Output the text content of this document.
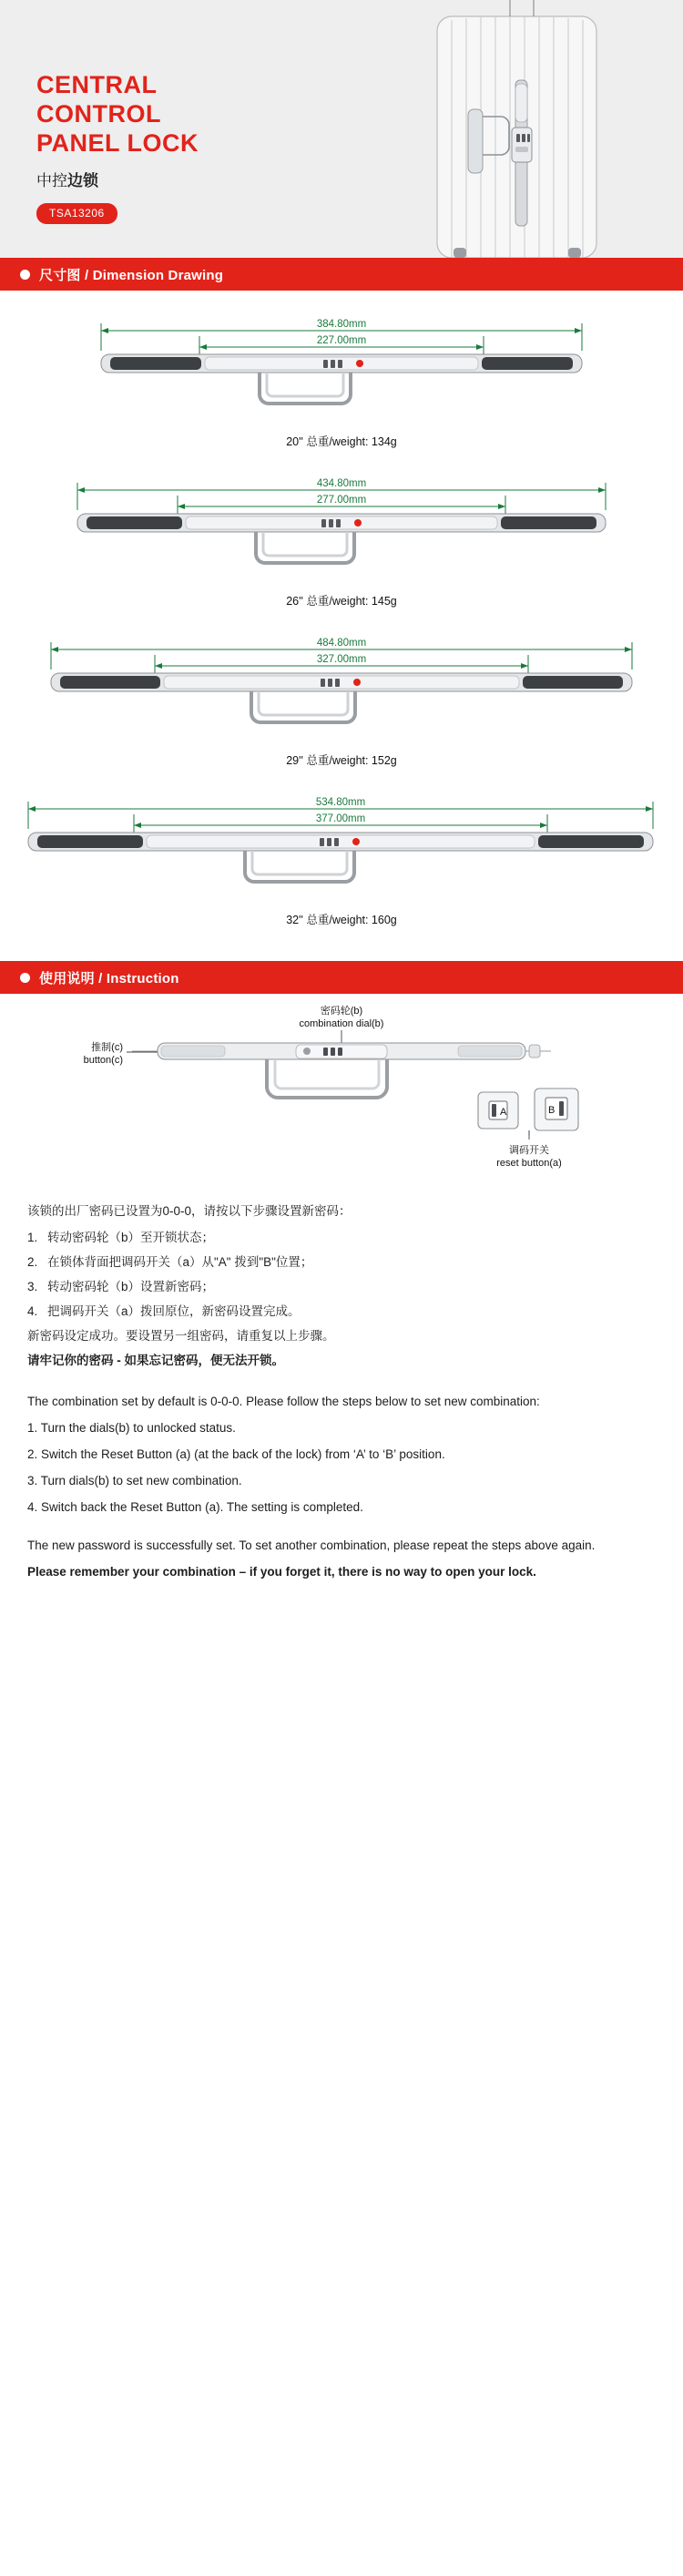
CENTRAL
CONTROL
PANEL LOCK
中控边锁
TSA13206
尺寸图 / Dimension Drawing
384.80mm
227.00mm
20'' 总重/weight: 134g
434.80mm
277.00mm
26'' 总重/weight: 145g
484.80mm
327.00mm
29'' 总重/weight: 152g
534.80mm
377.00mm
32'' 总重/weight: 160g
使用说明 / Instruction
密码轮(b)
combination dial(b)
推制(c)
button(c)
A	B
调码开关
reset button(a)
该锁的出厂密码已设置为0-0-0，请按以下步骤设置新密码：
1. 转动密码轮（b）至开锁状态；
2. 在锁体背面把调码开关（a）从"A" 拨到"B"位置；
3. 转动密码轮（b）设置新密码；
4. 把调码开关（a）拨回原位，新密码设置完成。
新密码设定成功。要设置另一组密码，请重复以上步骤。
请牢记你的密码 - 如果忘记密码，便无法开锁。

The combination set by default is 0-0-0. Please follow the steps below to set new combination:

1. Turn the dials(b) to unlocked status.

2. Switch the Reset Button (a) (at the back of the lock) from ‘A’ to ‘B’ position.

3. Turn dials(b) to set new combination.

4. Switch back the Reset Button (a). The setting is completed.

The new password is successfully set. To set another combination, please repeat the steps above again.

Please remember your combination – if you forget it, there is no way to open your lock.
